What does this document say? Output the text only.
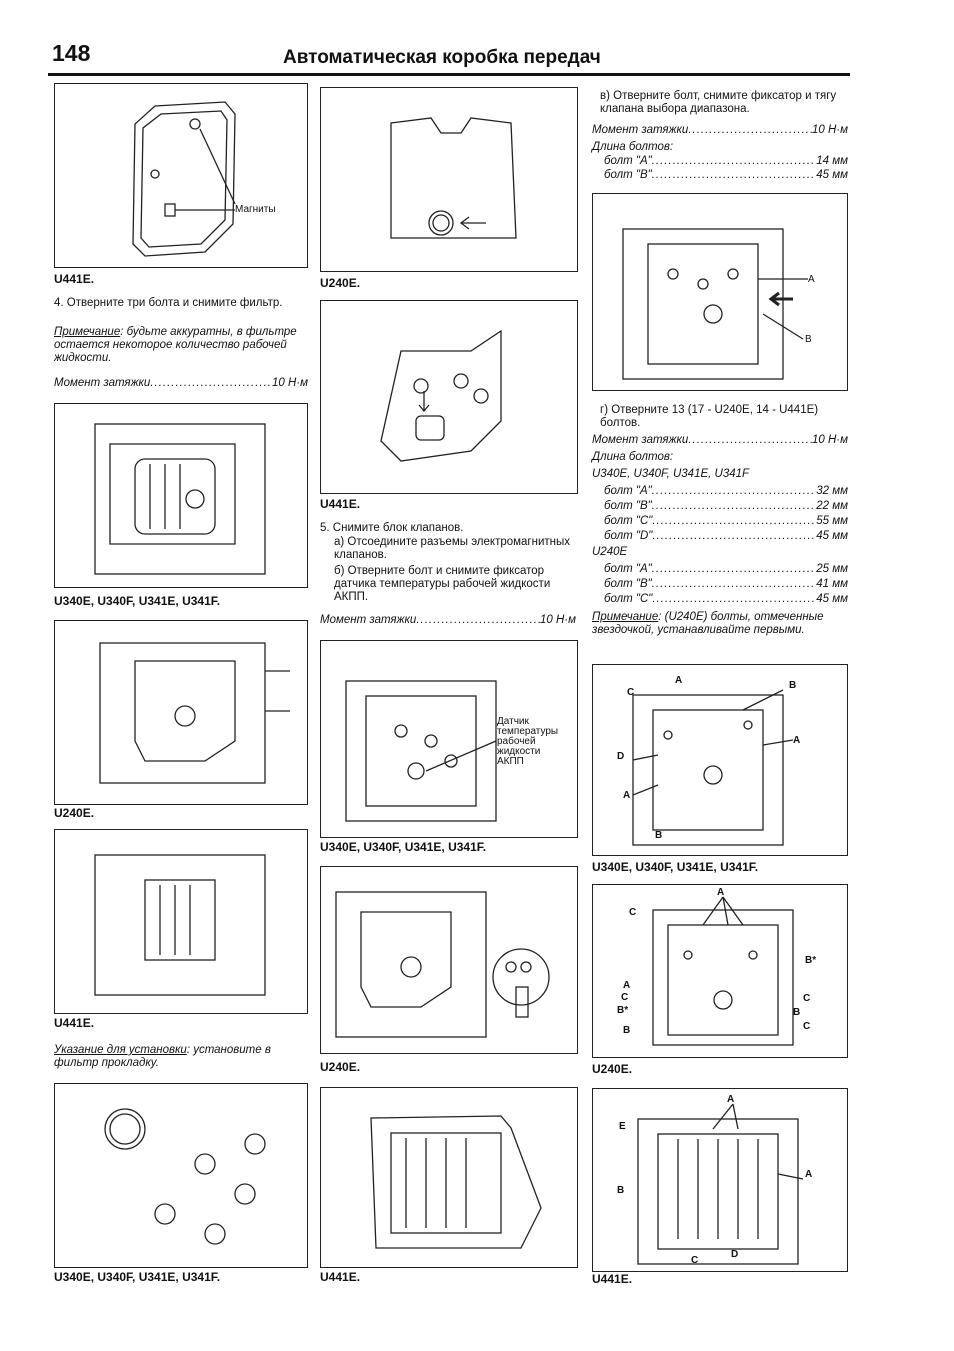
148	Автоматическая коробка передач
Магниты
U441E.
4. Отверните три болта и снимите фильтр.
Примечание: будьте аккуратны, в фильтре остается некоторое количество рабочей жидкости.
Момент затяжки .....	10 Н·м
U340E, U340F, U341E, U341F.
U240E.
U441E.
Указание для установки: установите в фильтр прокладку.
U340E, U340F, U341E, U341F.
U240E.
U441E.
5. Снимите блок клапанов.
а) Отсоедините разъемы электромагнитных клапанов.
б) Отверните болт и снимите фиксатор датчика температуры рабочей жидкости АКПП.
Момент затяжки .....	10 Н·м
Датчик
температуры
рабочей
жидкости
АКПП
U340E, U340F, U341E, U341F.
U240E.
U441E.
в) Отверните болт, снимите фиксатор и тягу клапана выбора диапазона.
Момент затяжки .....	10 Н·м
Длина болтов:
болт "A" .....	14 мм
болт "B" .....	45 мм
A
B
г) Отверните 13 (17 - U240E, 14 - U441E) болтов.
Момент затяжки .....	10 Н·м
Длина болтов:
U340E, U340F, U341E, U341F
болт "A" .....	32 мм
болт "B" .....	22 мм
болт "C" .....	55 мм
болт "D" .....	45 мм
U240E
болт "A" .....	25 мм
болт "B" .....	41 мм
болт "C" .....	45 мм
Примечание: (U240E) болты, отмеченные звездочкой, устанавливайте первыми.
A	B
C
A
D
A
B
U340E, U340F, U341E, U341F.
A
C
B*
A
C	C
B*	B
B	C
U240E.
A
E
A
B
C
D
U441E.
